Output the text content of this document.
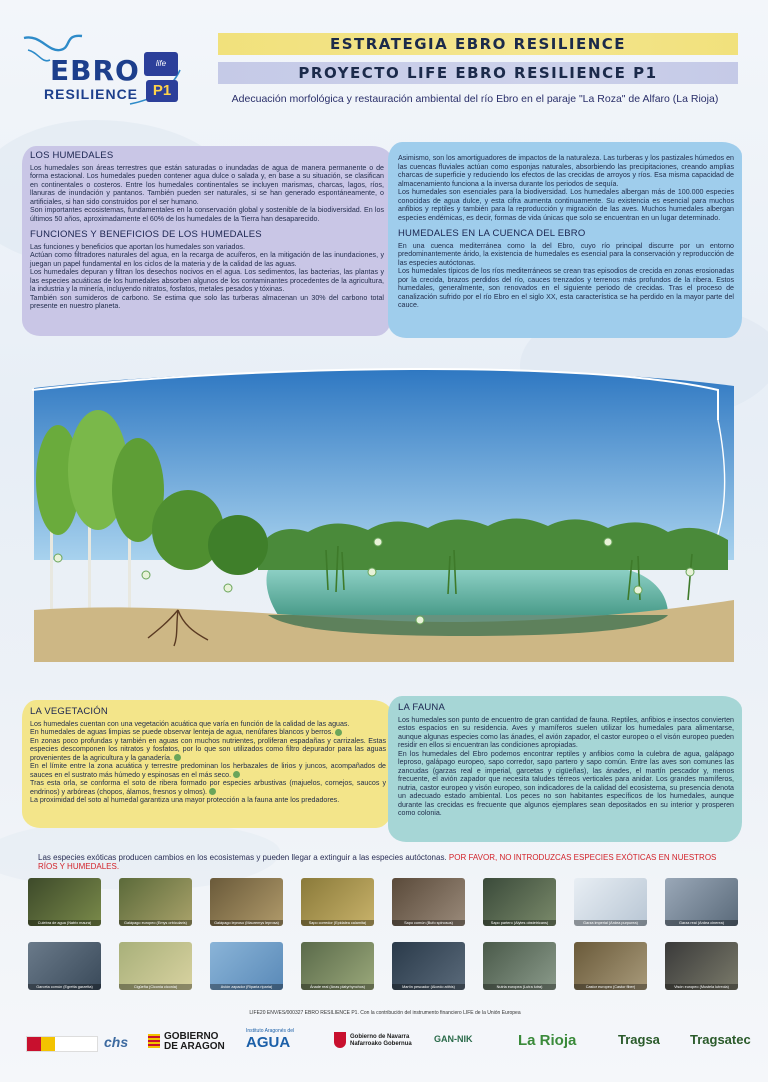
EBRO
RESILIENCE
life
P1
ESTRATEGIA EBRO RESILIENCE
PROYECTO LIFE EBRO RESILIENCE P1
Adecuación morfológica y restauración ambiental del río Ebro en el paraje "La Roza" de Alfaro (La Rioja)
LOS HUMEDALES

Los humedales son áreas terrestres que están saturadas o inundadas de agua de manera permanente o de forma estacional. Los humedales pueden contener agua dulce o salada y, en base a su situación, se clasifican en continentales o costeros. Entre los humedales continentales se incluyen marismas, charcas, lagos, ríos, llanuras de inundación y pantanos. También pueden ser naturales, si se han generado espontáneamente, o artificiales, si han sido construidos por el ser humano.

Son importantes ecosistemas, fundamentales en la conservación global y sostenible de la biodiversidad. En los últimos 50 años, aproximadamente el 60% de los humedales de la Tierra han desaparecido.

FUNCIONES Y BENEFICIOS DE LOS HUMEDALES

Las funciones y beneficios que aportan los humedales son variados.

Actúan como filtradores naturales del agua, en la recarga de acuíferos, en la mitigación de las inundaciones, y juegan un papel fundamental en los ciclos de la materia y de la calidad de las aguas.

Los humedales depuran y filtran los desechos nocivos en el agua. Los sedimentos, las bacterias, las plantas y las especies acuáticas de los humedales absorben algunos de los contaminantes procedentes de la agricultura, la industria y la minería, incluyendo nitratos, fosfatos, metales pesados y tóxinas.

También son sumideros de carbono. Se estima que solo las turberas almacenan un 30% del carbono total presente en nuestro planeta.

Asimismo, son los amortiguadores de impactos de la naturaleza. Las turberas y los pastizales húmedos en las cuencas fluviales actúan como esponjas naturales, absorbiendo las precipitaciones, creando amplias charcas de superficie y reduciendo los efectos de las crecidas de arroyos y ríos. Esa misma capacidad de almacenamiento funciona a la inversa durante los periodos de sequía.

Los humedales son esenciales para la biodiversidad. Los humedales albergan más de 100.000 especies conocidas de agua dulce, y esta cifra aumenta continuamente. Su existencia es esencial para muchos anfibios y reptiles y también para la reproducción y migración de las aves. Muchos humedales albergan especies endémicas, es decir, formas de vida únicas que solo se encuentran en un lugar determinado.

HUMEDALES EN LA CUENCA DEL EBRO

En una cuenca mediterránea como la del Ebro, cuyo río principal discurre por un entorno predominantemente árido, la existencia de humedales es esencial para la conservación y reproducción de las especies autóctonas.

Los humedales típicos de los ríos mediterráneos se crean tras episodios de crecida en zonas erosionadas por la crecida, brazos perdidos del río, cauces trenzados y terrenos más profundos de la ribera. Estos humedales, generalmente, son renovados en el siguiente periodo de crecidas. Tras el proceso de canalización sufrido por el río Ebro en el siglo XX, esta característica se ha perdido en la mayor parte del cauce.

LA VEGETACIÓN

Los humedales cuentan con una vegetación acuática que varía en función de la calidad de las aguas.

En humedales de aguas limpias se puede observar lenteja de agua, nenúfares blancos y berros.

En zonas poco profundas y también en aguas con muchos nutrientes, proliferan espadañas y carrizales. Estas especies descomponen los nitratos y fosfatos, por lo que son utilizados como filtro depurador para las aguas provenientes de la agricultura y la ganadería.

En el límite entre la zona acuática y terrestre predominan los herbazales de lirios y juncos, acompañados de sauces en el sustrato más húmedo y espinosas en el más seco.

Tras esta orla, se conforma el soto de ribera formado por especies arbustivas (majuelos, cornejos, saucos y endrinos) y arbóreas (chopos, álamos, fresnos y olmos).

La proximidad del soto al humedal garantiza una mayor protección a la fauna ante los predadores.

LA FAUNA

Los humedales son punto de encuentro de gran cantidad de fauna. Reptiles, anfibios e insectos convierten estos espacios en su residencia. Aves y mamíferos suelen utilizar los humedales para alimentarse, aunque algunas especies como las ánades, el avión zapador, el castor europeo o el visón europeo pueden residir en ellos si encuentran las condiciones apropiadas.

En los humedales del Ebro podemos encontrar reptiles y anfibios como la culebra de agua, galápago leproso, galápago europeo, sapo corredor, sapo partero y sapo común. Entre las aves son comunes las zancudas (garzas real e imperial, garcetas y cigüeñas), las ánades, el martín pescador y, menos frecuente, el avión zapador que necesita taludes térreos verticales para anidar. Los grandes mamíferos, nutria, castor europeo y visón europeo, son indicadores de la calidad del ecosistema, su presencia denota un adecuado estado ambiental. Los peces no son habitantes específicos de los humedales, aunque durante las crecidas es frecuente que algunos ejemplares sean depositados en su interior y prosperen como colonia.

Las especies exóticas producen cambios en los ecosistemas y pueden llegar a extinguir a las especies autóctonas. POR FAVOR, NO INTRODUZCAS ESPECIES EXÓTICAS EN NUESTROS RÍOS Y HUMEDALES.
Culebra de agua (Natrix maura)	Galápago europeo (Emys orbicularis)	Galápago leproso (Mauremys leprosa)	Sapo corredor (Epidalea calamita)	Sapo común (Bufo spinosus)	Sapo partero (Alytes obstetricans)	Garza imperial (Ardea purpurea)	Garza real (Ardea cinerea)
Garceta común (Egretta garzetta)	Cigüeña (Ciconia ciconia)	Avión zapador (Riparia riparia)	Ánade real (Anas platyrhynchos)	Martín pescador (Alcedo atthis)	Nutria europea (Lutra lutra)	Castor europeo (Castor fiber)	Visón europeo (Mustela lutreola)
LIFE20 ENV/ES/000327 EBRO RESILIENCE P1. Con la contribución del instrumento financiero LIFE de la Unión Europea
chs	GOBIERNO
DE ARAGON
Instituto Aragonés del
AGUA	Gobierno de Navarra
Nafarroako Gobernua GAN-NIK	La Rioja	Tragsa Tragsatec
